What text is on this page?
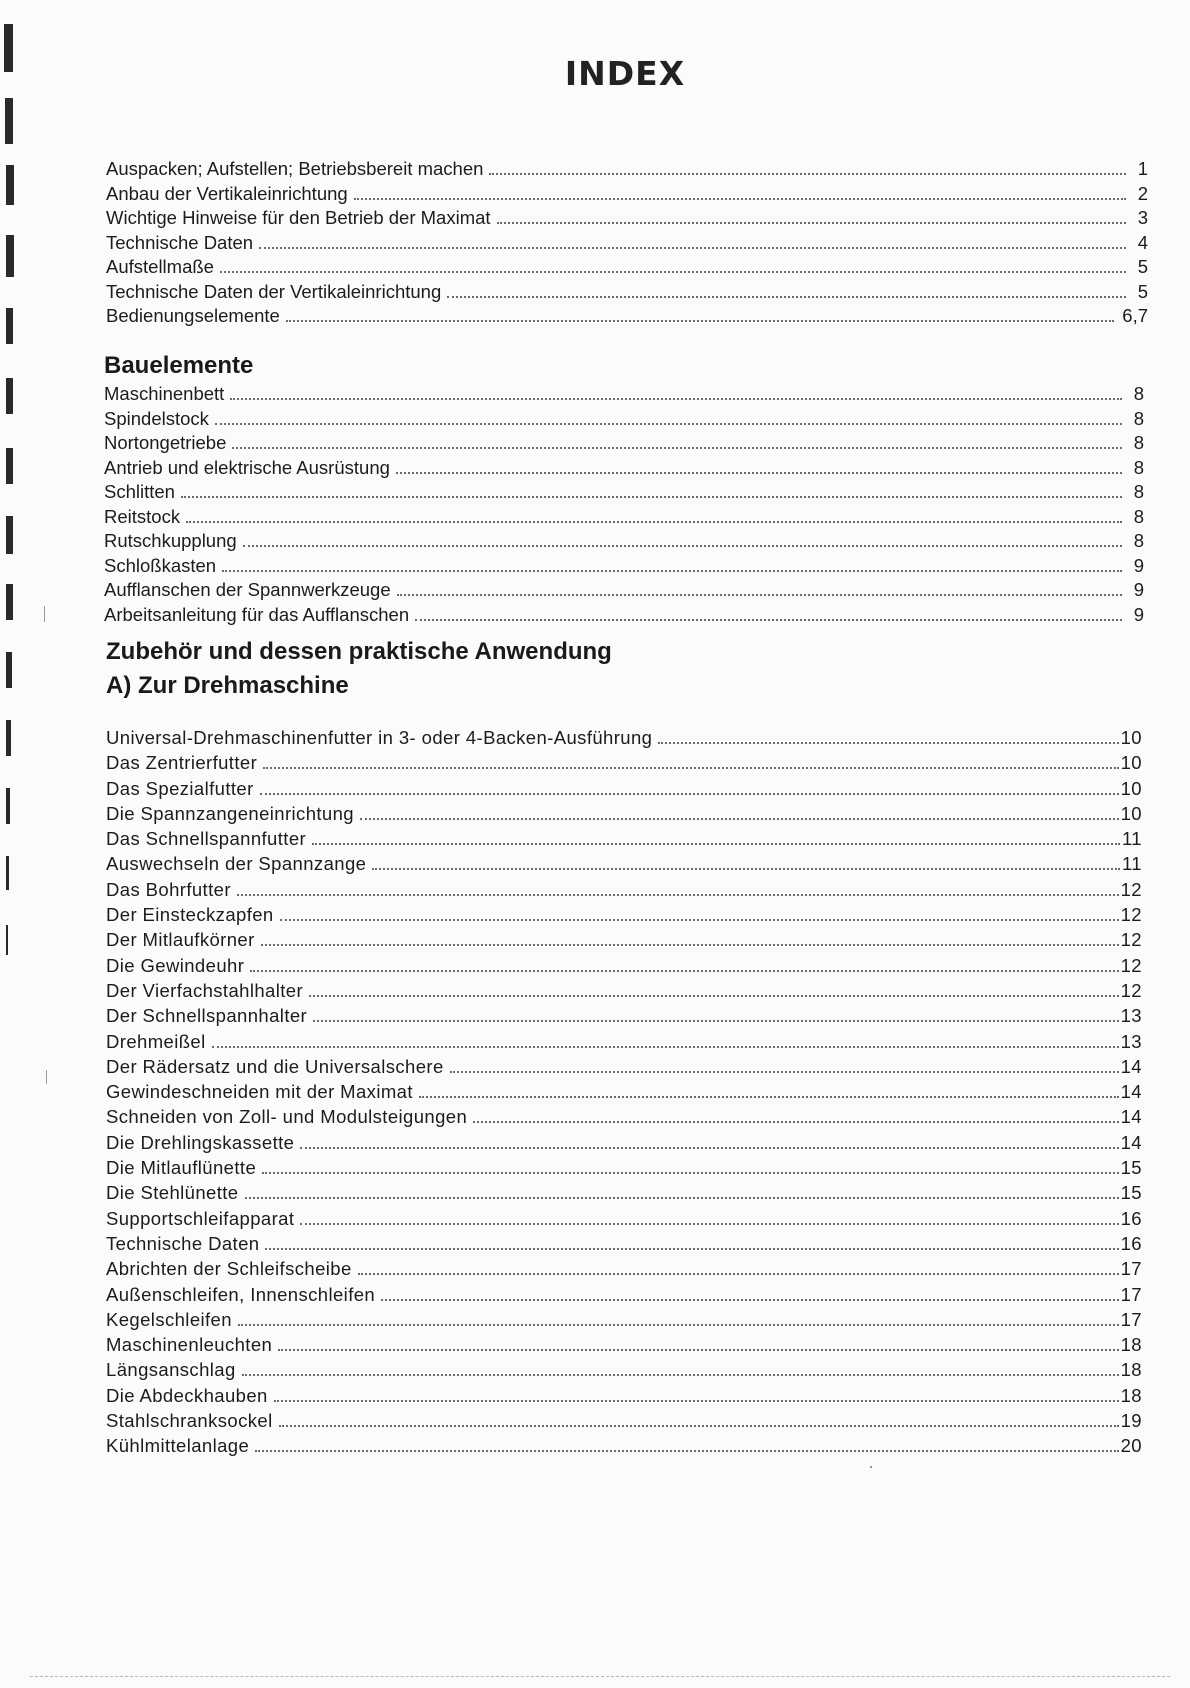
INDEX
Auspacken; Aufstellen; Betriebsbereit machen	1
Anbau der Vertikaleinrichtung	2
Wichtige Hinweise für den Betrieb der Maximat	3
Technische Daten	4
Aufstellmaße	5
Technische Daten der Vertikaleinrichtung	5
Bedienungselemente	6,7
Bauelemente
Maschinenbett	8
Spindelstock	8
Nortongetriebe	8
Antrieb und elektrische Ausrüstung	8
Schlitten	8
Reitstock	8
Rutschkupplung	8
Schloßkasten	9
Aufflanschen der Spannwerkzeuge	9
Arbeitsanleitung für das Aufflanschen	9
Zubehör und dessen praktische Anwendung
A) Zur Drehmaschine
Universal-Drehmaschinenfutter in 3- oder 4-Backen-Ausführung	10
Das Zentrierfutter	10
Das Spezialfutter	10
Die Spannzangeneinrichtung	10
Das Schnellspannfutter	11
Auswechseln der Spannzange	11
Das Bohrfutter	12
Der Einsteckzapfen	12
Der Mitlaufkörner	12
Die Gewindeuhr	12
Der Vierfachstahlhalter	12
Der Schnellspannhalter	13
Drehmeißel	13
Der Rädersatz und die Universalschere	14
Gewindeschneiden mit der Maximat	14
Schneiden von Zoll- und Modulsteigungen	14
Die Drehlingskassette	14
Die Mitlauflünette	15
Die Stehlünette	15
Supportschleifapparat	16
Technische Daten	16
Abrichten der Schleifscheibe	17
Außenschleifen, Innenschleifen	17
Kegelschleifen	17
Maschinenleuchten	18
Längsanschlag	18
Die Abdeckhauben	18
Stahlschranksockel	19
Kühlmittelanlage	20
